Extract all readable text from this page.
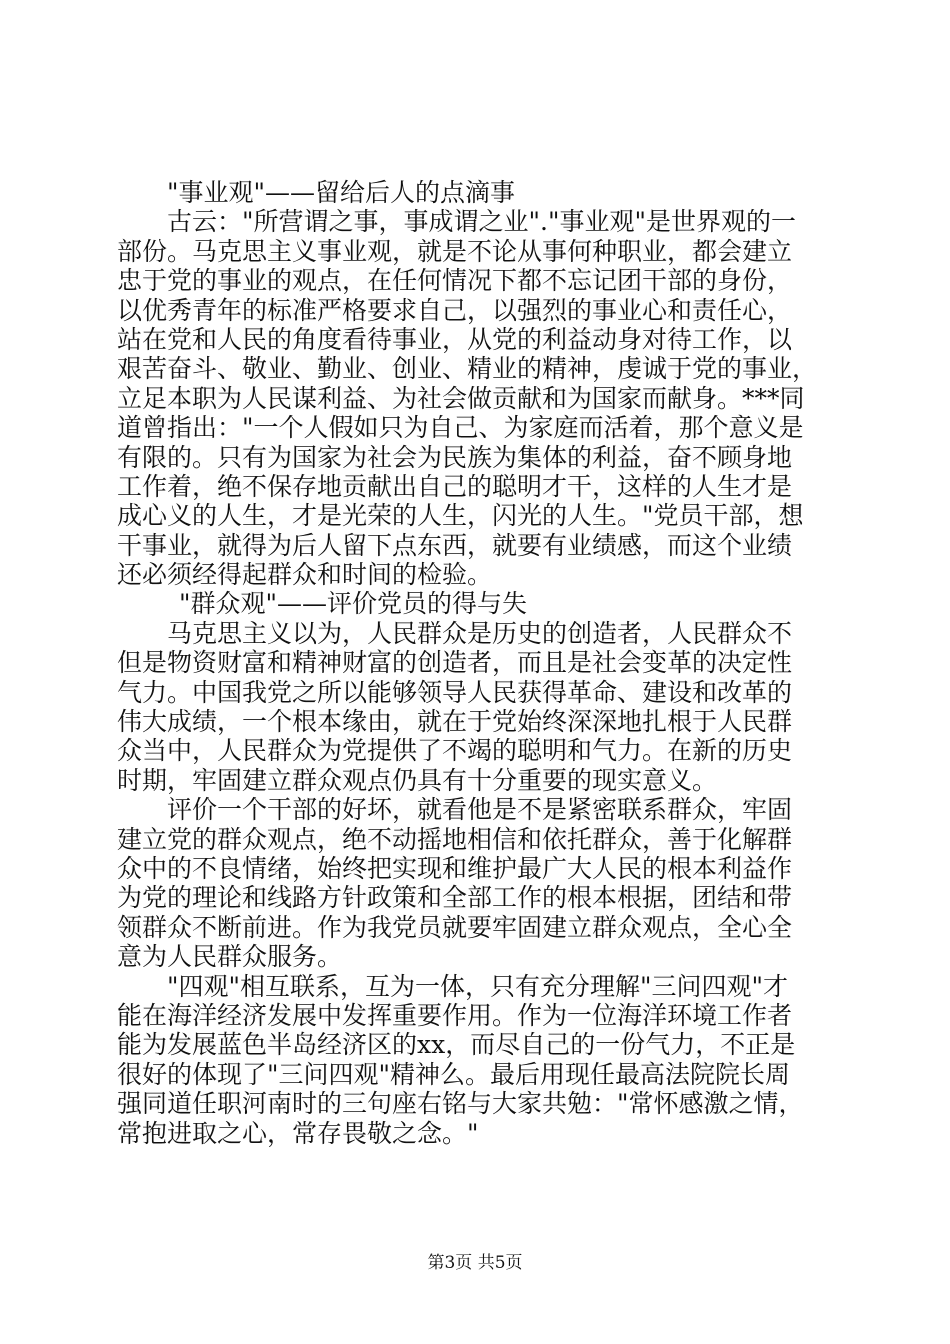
"事业观"——留给后人的点滴事
古云："所营谓之事，事成谓之业"."事业观"是世界观的一
部份。马克思主义事业观，就是不论从事何种职业，都会建立
忠于党的事业的观点，在任何情况下都不忘记团干部的身份，
以优秀青年的标准严格要求自己，以强烈的事业心和责任心，
站在党和人民的角度看待事业，从党的利益动身对待工作，以
艰苦奋斗、敬业、勤业、创业、精业的精神，虔诚于党的事业，
立足本职为人民谋利益、为社会做贡献和为国家而献身。***同
道曾指出："一个人假如只为自己、为家庭而活着，那个意义是
有限的。只有为国家为社会为民族为集体的利益，奋不顾身地
工作着，绝不保存地贡献出自己的聪明才干，这样的人生才是
成心义的人生，才是光荣的人生，闪光的人生。"党员干部，想
干事业，就得为后人留下点东西，就要有业绩感，而这个业绩
还必须经得起群众和时间的检验。
"群众观"——评价党员的得与失
马克思主义以为，人民群众是历史的创造者，人民群众不
但是物资财富和精神财富的创造者，而且是社会变革的决定性
气力。中国我党之所以能够领导人民获得革命、建设和改革的
伟大成绩，一个根本缘由，就在于党始终深深地扎根于人民群
众当中，人民群众为党提供了不竭的聪明和气力。在新的历史
时期，牢固建立群众观点仍具有十分重要的现实意义。
评价一个干部的好坏，就看他是不是紧密联系群众，牢固
建立党的群众观点，绝不动摇地相信和依托群众，善于化解群
众中的不良情绪，始终把实现和维护最广大人民的根本利益作
为党的理论和线路方针政策和全部工作的根本根据，团结和带
领群众不断前进。作为我党员就要牢固建立群众观点，全心全
意为人民群众服务。
"四观"相互联系，互为一体，只有充分理解"三问四观"才
能在海洋经济发展中发挥重要作用。作为一位海洋环境工作者
能为发展蓝色半岛经济区的xx，而尽自己的一份气力，不正是
很好的体现了"三问四观"精神么。最后用现任最高法院院长周
强同道任职河南时的三句座右铭与大家共勉："常怀感激之情，
常抱进取之心，常存畏敬之念。"
第3页 共5页
